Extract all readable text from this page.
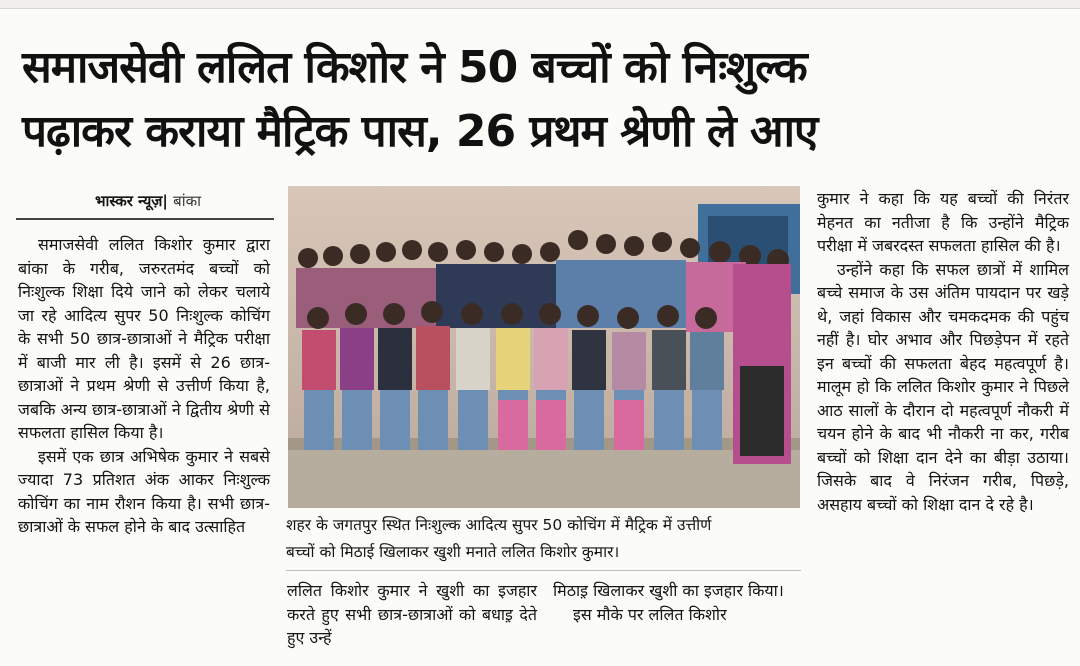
समाजसेवी ललित किशोर ने 50 बच्चों को निःशुल्क
पढ़ाकर कराया मैट्रिक पास, 26 प्रथम श्रेणी ले आए
भास्कर न्यूज़| बांका

समाजसेवी ललित किशोर कुमार द्वारा बांका के गरीब, जरुरतमंद बच्चों को निःशुल्क शिक्षा दिये जाने को लेकर चलाये जा रहे आदित्य सुपर 50 निःशुल्क कोचिंग के सभी 50 छात्र-छात्राओं ने मैट्रिक परीक्षा में बाजी मार ली है। इसमें से 26 छात्र-छात्राओं ने प्रथम श्रेणी से उत्तीर्ण किया है, जबकि अन्य छात्र-छात्राओं ने द्वितीय श्रेणी से सफलता हासिल किया है।

इसमें एक छात्र अभिषेक कुमार ने सबसे ज्यादा 73 प्रतिशत अंक आकर निःशुल्क कोचिंग का नाम रौशन किया है। सभी छात्र-छात्राओं के सफल होने के बाद उत्साहित	शहर के जगतपुर स्थित निःशुल्क आदित्य सुपर 50 कोचिंग में मैट्रिक में उत्तीर्ण
बच्चों को मिठाई खिलाकर खुशी मनाते ललित किशोर कुमार।

ललित किशोर कुमार ने खुशी का इजहार करते हुए सभी छात्र-छात्राओं को बधाइ़ देते हुए उन्हें

मिठाइ़ खिलाकर खुशी का इजहार किया।

इस मौके पर ललित किशोर

कुमार ने कहा कि यह बच्चों की निरंतर मेहनत का नतीजा है कि उन्होंने मैट्रिक परीक्षा में जबरदस्त सफलता हासिल की है।

उन्होंने कहा कि सफल छात्रों में शामिल बच्चे समाज के उस अंतिम पायदान पर खड़े थे, जहां विकास और चमकदमक की पहुंच नहीं है। घोर अभाव और पिछड़ेपन में रहते इन बच्चों की सफलता बेहद महत्वपूर्ण है। मालूम हो कि ललित किशोर कुमार ने पिछले आठ सालों के दौरान दो महत्वपूर्ण नौकरी में चयन होने के बाद भी नौकरी ना कर, गरीब बच्चों को शिक्षा दान देने का बीड़ा उठाया। जिसके बाद वे निरंजन गरीब, पिछड़े, असहाय बच्चों को शिक्षा दान दे रहे है।
